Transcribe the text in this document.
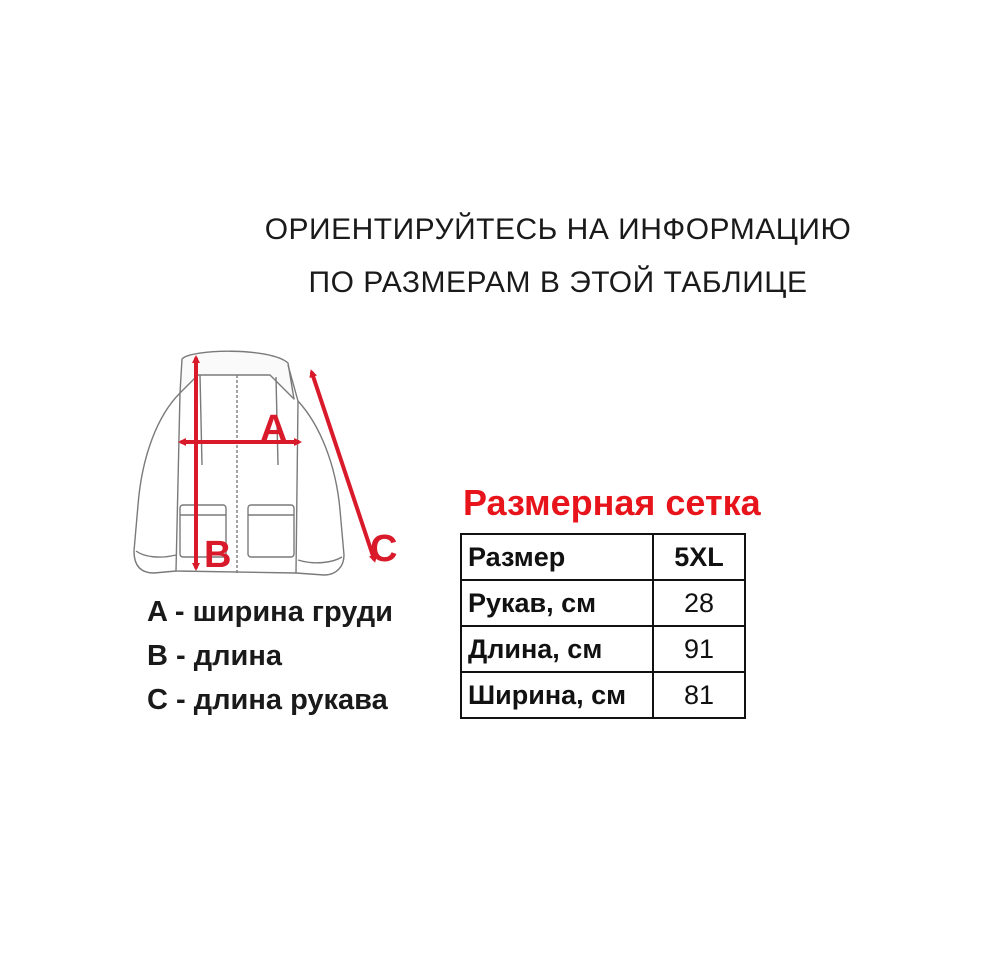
ОРИЕНТИРУЙТЕСЬ НА ИНФОРМАЦИЮ
ПО РАЗМЕРАМ В ЭТОЙ ТАБЛИЦЕ
A
B	C
A - ширина груди
B - длина
C - длина рукава
Размерная сетка
Размер	5XL
Рукав, см	28
Длина, см	91
Ширина, см	81
